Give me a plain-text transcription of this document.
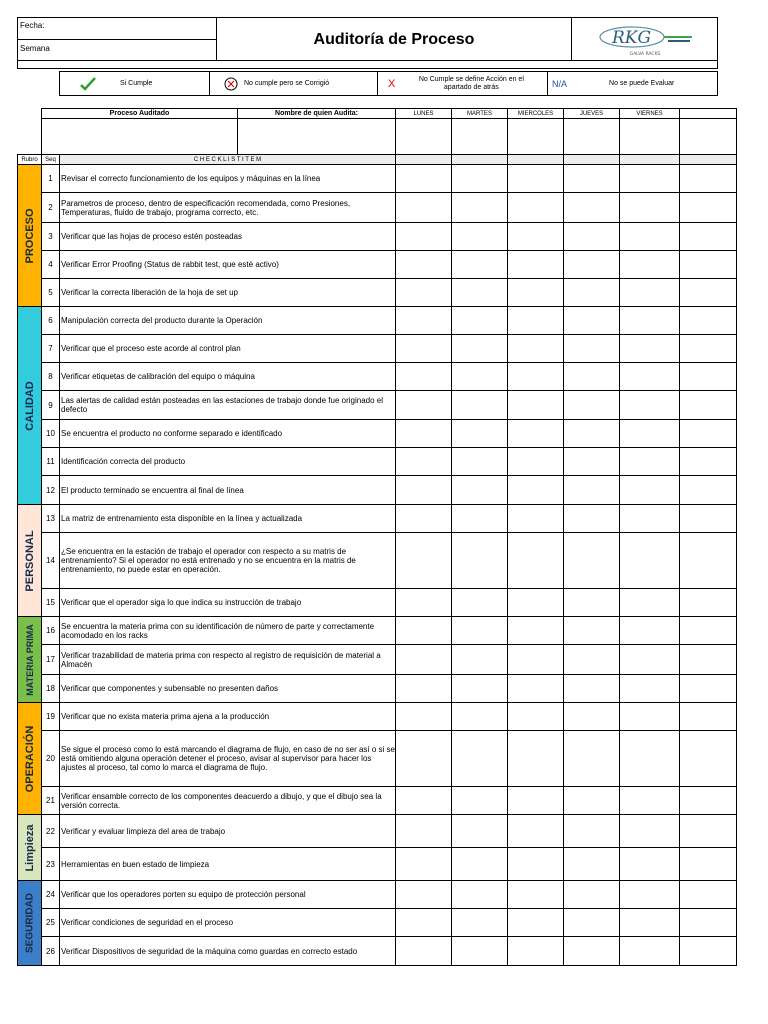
Fecha:
Semana
Auditoría de Proceso	RKG
GALVA RACKS
Si Cumple	No cumple pero se Corrigió	X	No Cumple se define Acción en el apartado de atrás	N/A	No se puede Evaluar
	Proceso Auditado		Nombre de quien Audita:	LUNES	MARTES	MIERCOLES	JUEVES	VIERNES	

Rubro	Seq	C H E C K L I S T I T E M							

PROCESO	1	Revisar el correcto funcionamiento de los equipos y máquinas en la línea							
	2	Parametros de proceso, dentro de especificación recomendada, como Presiones, Temperaturas, fluido de trabajo, programa correcto, etc.							
	3	Verificar que las hojas de proceso estén posteadas							
	4	Verificar Error Proofing (Status de rabbit test, que esté activo)							
	5	Verificar la correcta liberación de la hoja de set up							

CALIDAD	6	Manipulación correcta del producto durante la Operación							
	7	Verificar que el proceso este acorde al control plan							
	8	Verificar etiquetas de calibración del equipo o máquina							
	9	Las alertas de calidad están posteadas en las estaciones de trabajo donde fue originado el defecto							
	10	Se encuentra el producto no conforme separado e identificado							
	11	Identificación correcta del producto							
	12	El producto terminado se encuentra al final de línea							

PERSONAL	13	La matriz de entrenamiento esta disponible en la línea y actualizada							
	14	¿Se encuentra en la estación de trabajo el operador con respecto a su matris de entrenamiento? Si el operador no está entrenado y no se encuentra en la matris de entrenamiento, no puede estar en operación.							
	15	Verificar que el operador siga lo que indica su instrucción de trabajo							

MATERIA PRIMA	16	Se encuentra la materia prima con su identificación de número de parte y correctamente acomodado en los racks							
	17	Verificar trazabilidad de materia prima con respecto al registro de requisición de material a Almacén							
	18	Verificar que componentes y subensable no presenten daños							

OPERACIÓN	19	Verificar que no exista materia prima ajena a la producción							
	20	Se sigue el proceso como lo está marcando el diagrama de flujo, en caso de no ser así o si se está omitiendo alguna operación detener el proceso, avisar al supervisor para hacer los ajustes al proceso, tal como lo marca el diagrama de flujo.							
	21	Verificar ensamble correcto de los componentes deacuerdo a dibujo, y que el dibujo sea la versión correcta.							

Limpieza	22	Verificar y evaluar limpieza del area de trabajo							
	23	Herramientas en buen estado de limpieza							

SEGURIDAD	24	Verificar que los operadores porten su equipo de protección personal							
	25	Verificar condiciones de seguridad en el proceso							
	26	Verificar Dispositivos de seguridad de la máquina como guardas en correcto estado							
